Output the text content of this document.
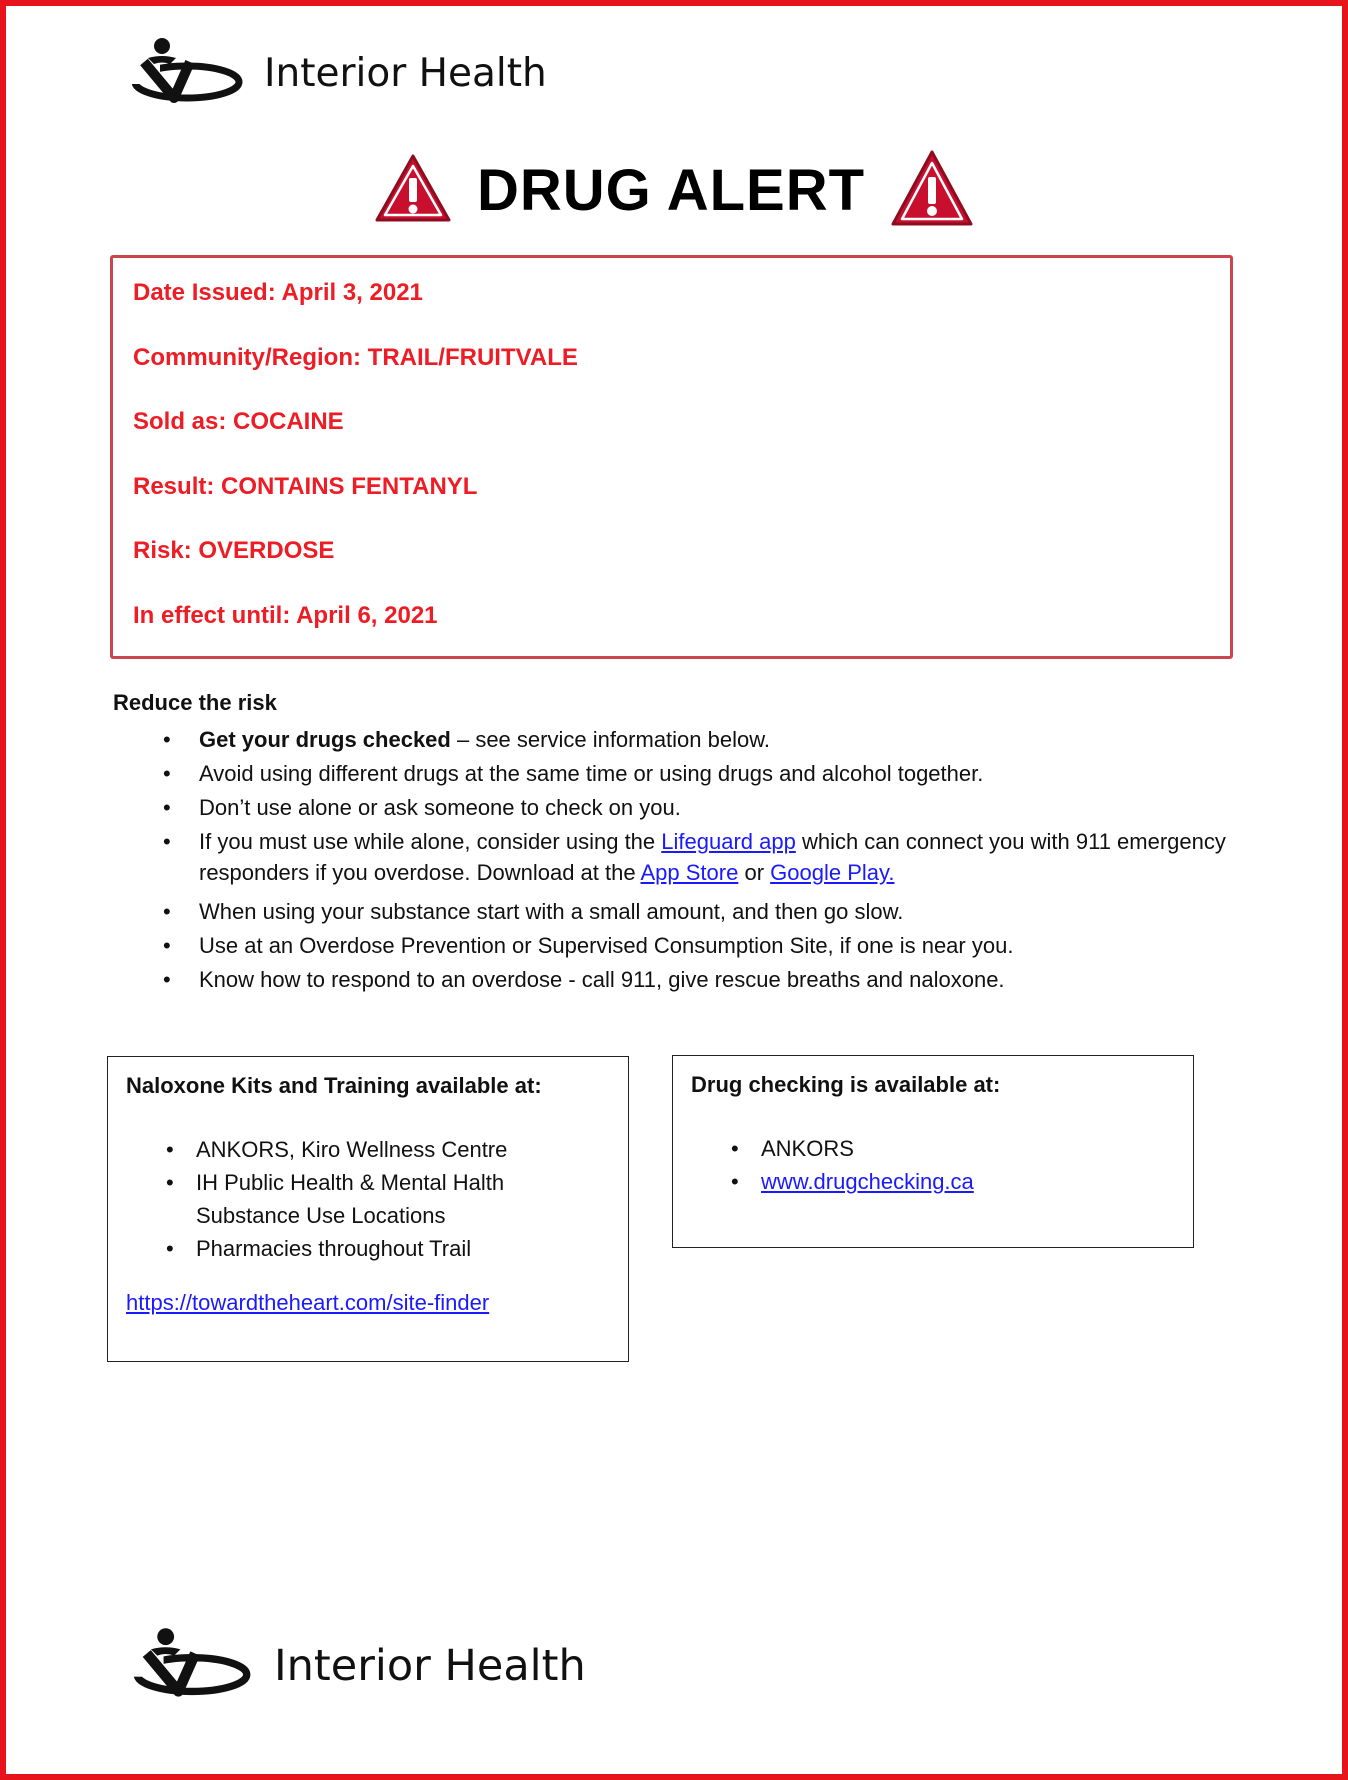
Interior Health
DRUG ALERT

Date Issued: April 3, 2021

Community/Region: TRAIL/FRUITVALE

Sold as: COCAINE

Result: CONTAINS FENTANYL

Risk: OVERDOSE

In effect until: April 6, 2021

Reduce the risk
• Get your drugs checked – see service information below.
• Avoid using different drugs at the same time or using drugs and alcohol together.
• Don’t use alone or ask someone to check on you.
• If you must use while alone, consider using the Lifeguard app which can connect you with 911 emergency responders if you overdose. Download at the App Store or Google Play.
• When using your substance start with a small amount, and then go slow.
• Use at an Overdose Prevention or Supervised Consumption Site, if one is near you.
• Know how to respond to an overdose - call 911, give rescue breaths and naloxone.
Naloxone Kits and Training available at:
• ANKORS, Kiro Wellness Centre
• IH Public Health & Mental Halth Substance Use Locations
• Pharmacies throughout Trail
https://towardtheheart.com/site-finder
Drug checking is available at:
• ANKORS
• www.drugchecking.ca
Interior Health
